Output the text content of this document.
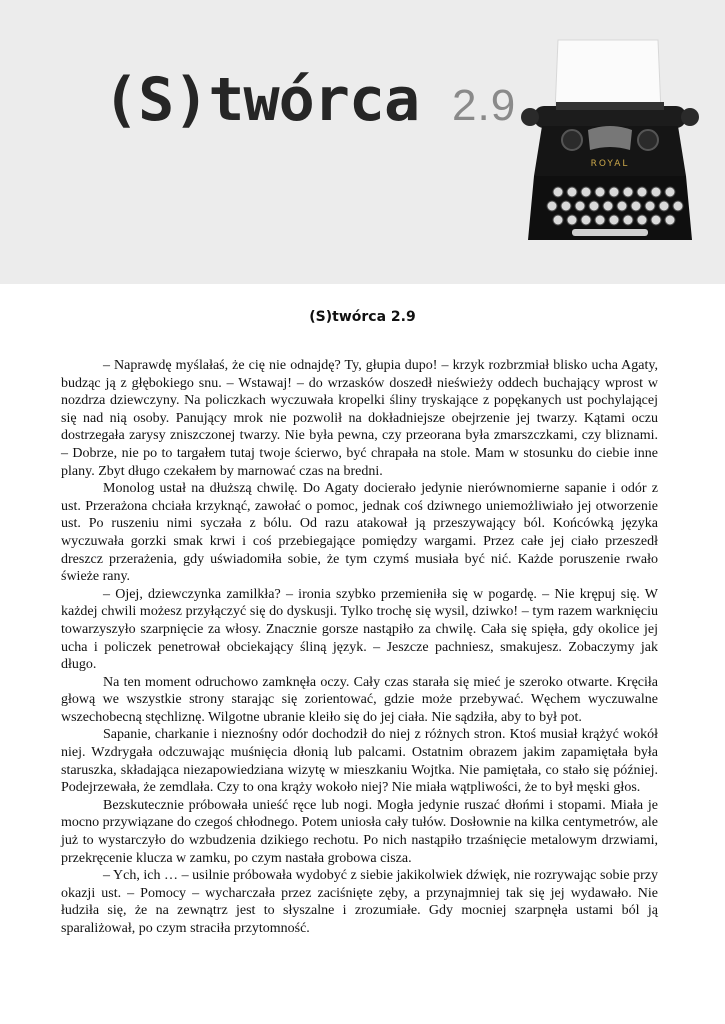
(S)twórca 2.9
ROYAL
(S)twórca 2.9

– Naprawdę myślałaś, że cię nie odnajdę? Ty, głupia dupo! – krzyk rozbrzmiał blisko ucha Agaty, budząc ją z głębokiego snu. – Wstawaj! – do wrzasków doszedł nieświeży oddech buchający wprost w nozdrza dziewczyny. Na policzkach wyczuwała kropelki śliny tryskające z popękanych ust pochylającej się nad nią osoby. Panujący mrok nie pozwolił na dokładniejsze obejrzenie jej twarzy. Kątami oczu dostrzegała zarysy zniszczonej twarzy. Nie była pewna, czy przeorana była zmarszczkami, czy bliznami. – Dobrze, nie po to targałem tutaj twoje ścierwo, być chrapała na stole. Mam w stosunku do ciebie inne plany. Zbyt długo czekałem by marnować czas na bredni.

Monolog ustał na dłuższą chwilę. Do Agaty docierało jedynie nierównomierne sapanie i odór z ust. Przerażona chciała krzyknąć, zawołać o pomoc, jednak coś dziwnego uniemożliwiało jej otworzenie ust. Po ruszeniu nimi syczała z bólu. Od razu atakował ją przeszywający ból. Końcówką języka wyczuwała gorzki smak krwi i coś przebiegające pomiędzy wargami. Przez całe jej ciało przeszedł dreszcz przerażenia, gdy uświadomiła sobie, że tym czymś musiała być nić. Każde poruszenie rwało świeże rany.

– Ojej, dziewczynka zamilkła? – ironia szybko przemieniła się w pogardę. – Nie krępuj się. W każdej chwili możesz przyłączyć się do dyskusji. Tylko trochę się wysil, dziwko! – tym razem warknięciu towarzyszyło szarpnięcie za włosy. Znacznie gorsze nastąpiło za chwilę. Cała się spięła, gdy okolice jej ucha i policzek penetrował obciekający śliną język. – Jeszcze pachniesz, smakujesz. Zobaczymy jak długo.

Na ten moment odruchowo zamknęła oczy. Cały czas starała się mieć je szeroko otwarte. Kręciła głową we wszystkie strony starając się zorientować, gdzie może przebywać. Węchem wyczuwalne wszechobecną stęchliznę. Wilgotne ubranie kleiło się do jej ciała. Nie sądziła, aby to był pot.

Sapanie, charkanie i nieznośny odór dochodził do niej z różnych stron. Ktoś musiał krążyć wokół niej. Wzdrygała odczuwając muśnięcia dłonią lub palcami. Ostatnim obrazem jakim zapamiętała była staruszka, składająca niezapowiedziana wizytę w mieszkaniu Wojtka. Nie pamiętała, co stało się później. Podejrzewała, że zemdlała. Czy to ona krąży wokoło niej? Nie miała wątpliwości, że to był męski głos.

Bezskutecznie próbowała unieść ręce lub nogi. Mogła jedynie ruszać dłońmi i stopami. Miała je mocno przywiązane do czegoś chłodnego. Potem uniosła cały tułów. Dosłownie na kilka centymetrów, ale już to wystarczyło do wzbudzenia dzikiego rechotu. Po nich nastąpiło trzaśnięcie metalowym drzwiami, przekręcenie klucza w zamku, po czym nastała grobowa cisza.

– Ych, ich … – usilnie próbowała wydobyć z siebie jakikolwiek dźwięk, nie rozrywając sobie przy okazji ust. – Pomocy – wycharczała przez zaciśnięte zęby, a przynajmniej tak się jej wydawało. Nie łudziła się, że na zewnątrz jest to słyszalne i zrozumiałe. Gdy mocniej szarpnęła ustami ból ją sparaliżował, po czym straciła przytomność.
